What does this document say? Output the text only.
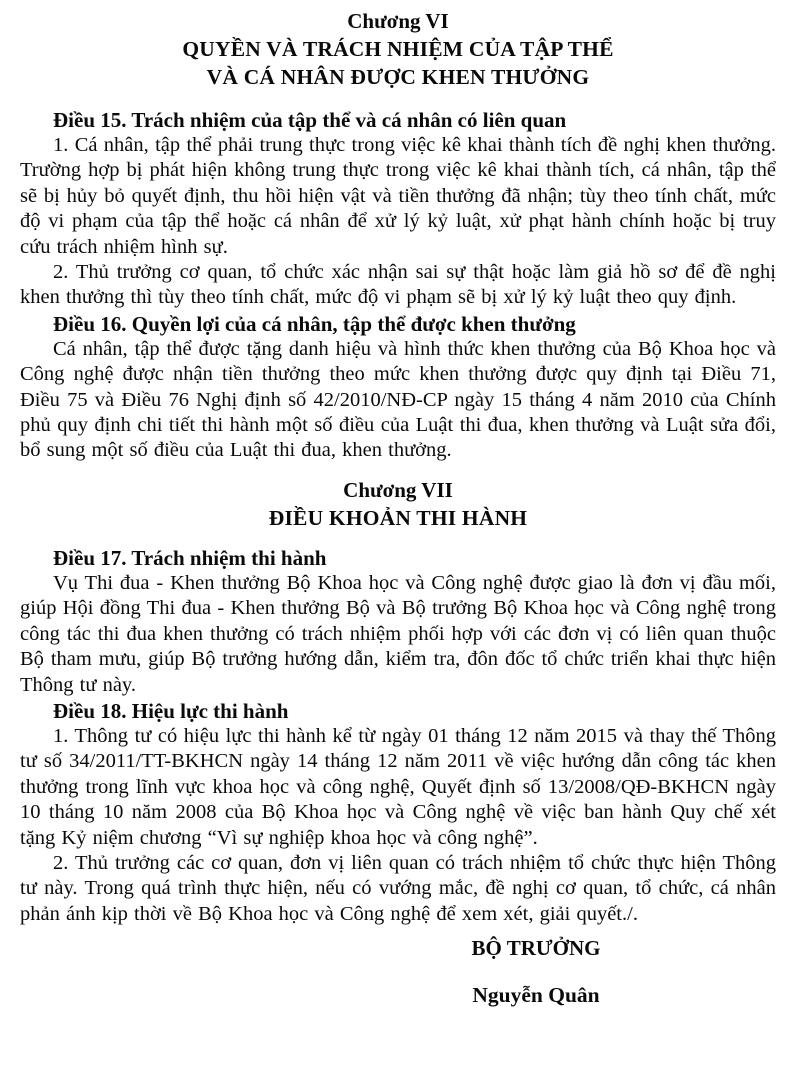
Chương VI
QUYỀN VÀ TRÁCH NHIỆM CỦA TẬP THỂ
VÀ CÁ NHÂN ĐƯỢC KHEN THƯỞNG
Điều 15. Trách nhiệm của tập thể và cá nhân có liên quan

1. Cá nhân, tập thể phải trung thực trong việc kê khai thành tích đề nghị khen thưởng. Trường hợp bị phát hiện không trung thực trong việc kê khai thành tích, cá nhân, tập thể sẽ bị hủy bỏ quyết định, thu hồi hiện vật và tiền thưởng đã nhận; tùy theo tính chất, mức độ vi phạm của tập thể hoặc cá nhân để xử lý kỷ luật, xử phạt hành chính hoặc bị truy cứu trách nhiệm hình sự.

2. Thủ trưởng cơ quan, tổ chức xác nhận sai sự thật hoặc làm giả hồ sơ để đề nghị khen thưởng thì tùy theo tính chất, mức độ vi phạm sẽ bị xử lý kỷ luật theo quy định.

Điều 16. Quyền lợi của cá nhân, tập thể được khen thưởng

Cá nhân, tập thể được tặng danh hiệu và hình thức khen thưởng của Bộ Khoa học và Công nghệ được nhận tiền thưởng theo mức khen thưởng được quy định tại Điều 71, Điều 75 và Điều 76 Nghị định số 42/2010/NĐ-CP ngày 15 tháng 4 năm 2010 của Chính phủ quy định chi tiết thi hành một số điều của Luật thi đua, khen thưởng và Luật sửa đổi, bổ sung một số điều của Luật thi đua, khen thưởng.

Chương VII
ĐIỀU KHOẢN THI HÀNH
Điều 17. Trách nhiệm thi hành

Vụ Thi đua - Khen thưởng Bộ Khoa học và Công nghệ được giao là đơn vị đầu mối, giúp Hội đồng Thi đua - Khen thưởng Bộ và Bộ trưởng Bộ Khoa học và Công nghệ trong công tác thi đua khen thưởng có trách nhiệm phối hợp với các đơn vị có liên quan thuộc Bộ tham mưu, giúp Bộ trưởng hướng dẫn, kiểm tra, đôn đốc tổ chức triển khai thực hiện Thông tư này.

Điều 18. Hiệu lực thi hành

1. Thông tư có hiệu lực thi hành kể từ ngày 01 tháng 12 năm 2015 và thay thế Thông tư số 34/2011/TT-BKHCN ngày 14 tháng 12 năm 2011 về việc hướng dẫn công tác khen thưởng trong lĩnh vực khoa học và công nghệ, Quyết định số 13/2008/QĐ-BKHCN ngày 10 tháng 10 năm 2008 của Bộ Khoa học và Công nghệ về việc ban hành Quy chế xét tặng Kỷ niệm chương “Vì sự nghiệp khoa học và công nghệ”.

2. Thủ trưởng các cơ quan, đơn vị liên quan có trách nhiệm tổ chức thực hiện Thông tư này. Trong quá trình thực hiện, nếu có vướng mắc, đề nghị cơ quan, tổ chức, cá nhân phản ánh kịp thời về Bộ Khoa học và Công nghệ để xem xét, giải quyết./.

BỘ TRƯỞNG
Nguyễn Quân
